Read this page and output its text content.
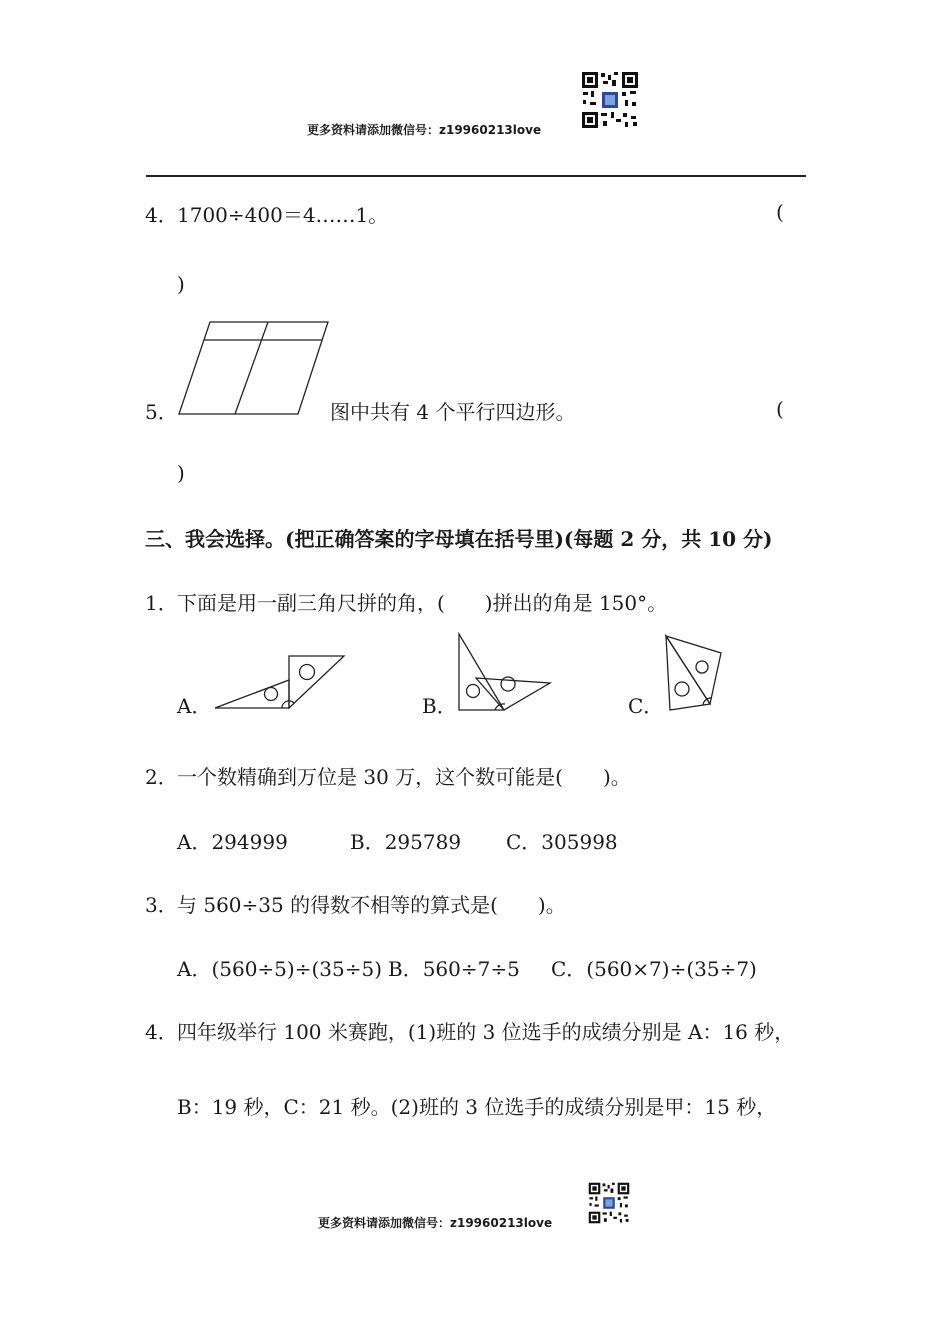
更多资料请添加微信号：z19960213love
4． 1700÷400＝4……1。	(
)
5．	图中共有 4 个平行四边形。	(
)
三、我会选择。(把正确答案的字母填在括号里)(每题 2 分，共 10 分)
1． 下面是用一副三角尺拼的角，(　　)拼出的角是 150°。
A．	B．	C．
2． 一个数精确到万位是 30 万，这个数可能是(　　)。
A．294999	B．295789 C．305998
3． 与 560÷35 的得数不相等的算式是(　　)。
A．(560÷5)÷(35÷5) B．560÷7÷5 C．(560×7)÷(35÷7)
4． 四年级举行 100 米赛跑，(1)班的 3 位选手的成绩分别是 A：16 秒，
B：19 秒，C：21 秒。(2)班的 3 位选手的成绩分别是甲：15 秒，
更多资料请添加微信号：z19960213love
